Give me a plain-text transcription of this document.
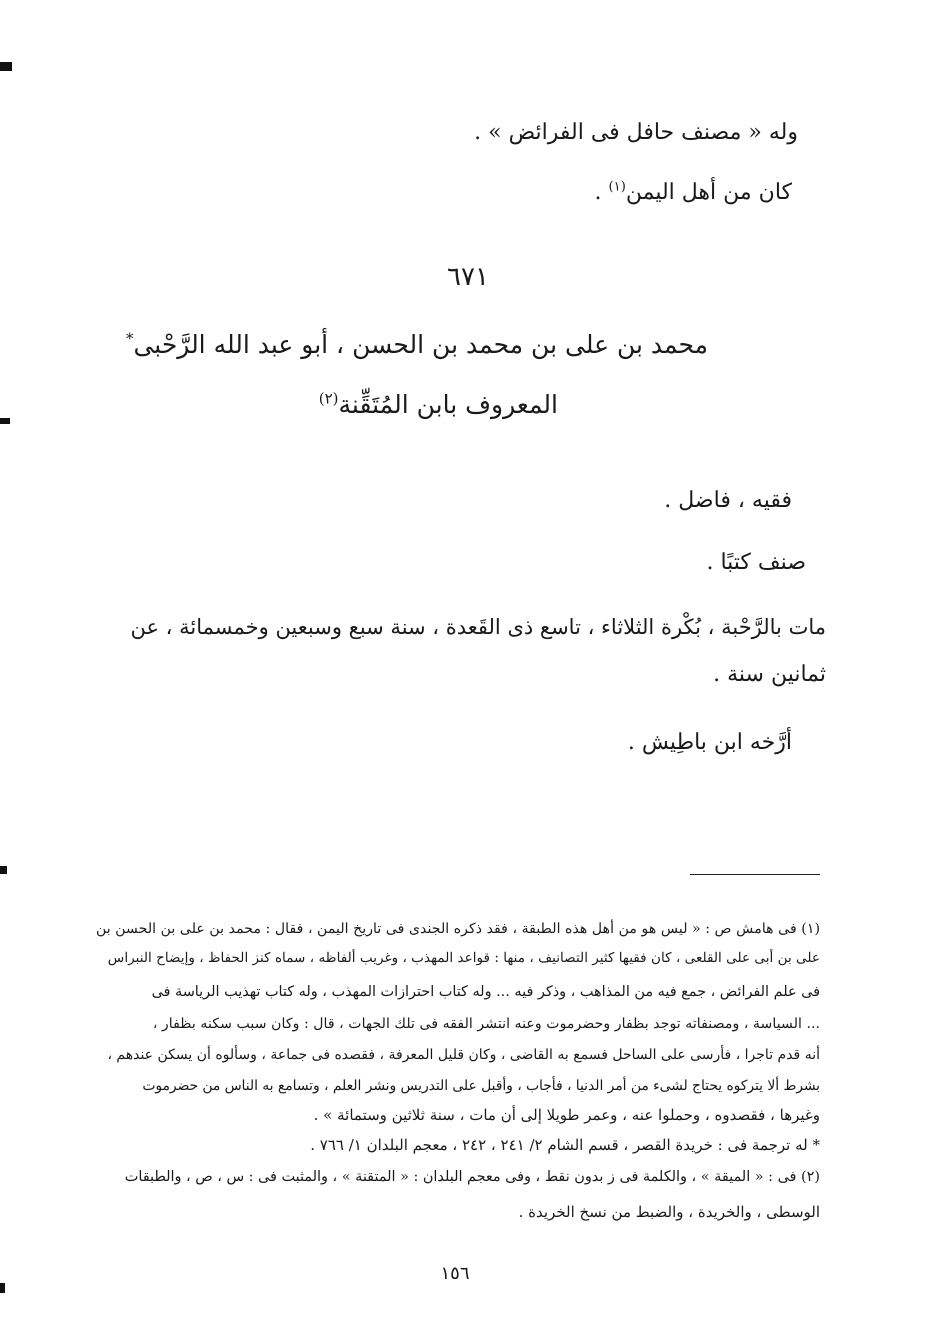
وله « مصنف حافل فى الفرائض » .
كان من أهل اليمن$^{(١)}$ .
٦٧١
محمد بن على بن محمد بن الحسن ، أبو عبد الله الرَّحْبى*
المعروف بابن المُتَقِّنة$^{(٢)}$
فقيه ، فاضل .
صنف كتبًا .
مات بالرَّحْبة ، بُكْرة الثلاثاء ، تاسع ذى القَعدة ، سنة سبع وسبعين وخمسمائة ، عن
ثمانين سنة .
أرَّخه ابن باطِيش .
(١) فى هامش ص : « ليس هو من أهل هذه الطبقة ، فقد ذكره الجندى فى تاريخ اليمن ، فقال : محمد بن على بن الحسن بن
على بن أبى على القلعى ، كان فقيها كثير التصانيف ، منها : قواعد المهذب ، وغريب ألفاظه ، سماه كنز الحفاظ ، وإيضاح النبراس
فى علم الفرائض ، جمع فيه من المذاهب ، وذكر فيه ... وله كتاب احترازات المهذب ، وله كتاب تهذيب الرياسة فى
... السياسة ، ومصنفاته توجد بظفار وحضرموت وعنه انتشر الفقه فى تلك الجهات ، قال : وكان سبب سكنه بظفار ،
أنه قدم تاجرا ، فأرسى على الساحل فسمع به القاضى ، وكان قليل المعرفة ، فقصده فى جماعة ، وسألوه أن يسكن عندهم ،
بشرط ألا يتركوه يحتاج لشىء من أمر الدنيا ، فأجاب ، وأقبل على التدريس ونشر العلم ، وتسامع به الناس من حضرموت
وغيرها ، فقصدوه ، وحملوا عنه ، وعمر طويلا إلى أن مات ، سنة ثلاثين وستمائة » .
* له ترجمة فى : خريدة القصر ، قسم الشام ٢/ ٢٤١ ، ٢٤٢ ، معجم البلدان ١/ ٧٦٦ .
(٢) فى : « الميقة » ، والكلمة فى ز بدون نقط ، وفى معجم البلدان : « المتقنة » ، والمثبت فى : س ، ص ، والطبقات
الوسطى ، والخريدة ، والضبط من نسخ الخريدة .
١٥٦
